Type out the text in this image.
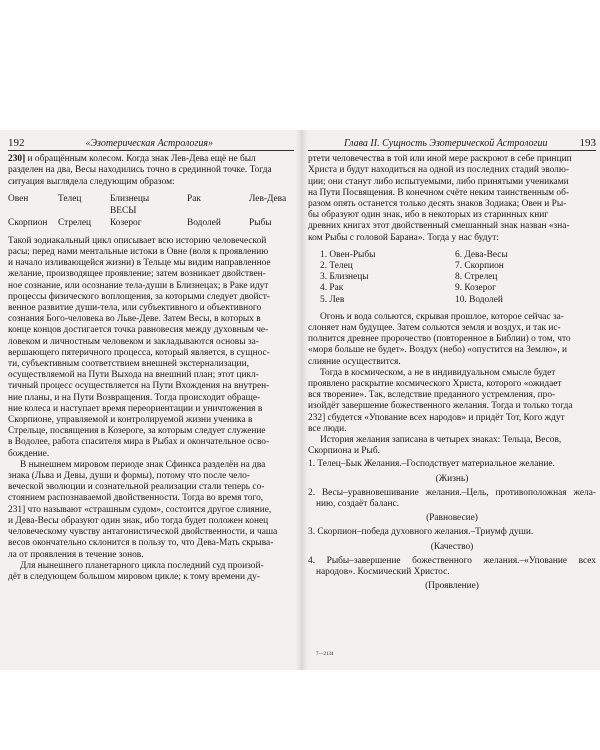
192	«Эзотерическая Астрология»

230] и обращённым колесом. Когда знак Лев-Дева ещё не был

разделен на два, Весы находились точно в срединной точке. Тогда

ситуация выглядела следующим образом:

Овен	Телец	Близнецы	Рак	Лев-Дева
ВЕСЫ
Скорпион	Стрелец	Козерог	Водолей	Рыбы

Такой зодиакальный цикл описывает всю историю человеческой

расы; перед нами ментальные истоки в Овне (воля к проявлению

и начало изливающейся жизни) в Тельце мы видим направленное

желание, производящее проявление; затем возникает двойствен-

ное сознание, или осознание тела-души в Близнецах; в Раке идут

процессы физического воплощения, за которыми следует двойст-

венное развитие души-тела, или субъективного и объективного

сознания Бого-человека во Льве-Деве. Затем Весы, в которых в

конце концов достигается точка равновесия между духовным че-

ловеком и личностным человеком и закладываются основы за-

вершающего пятеричного процесса, который является, в сущнос-

ти, субъективным соответствием внешней экстернализации,

осуществляемой на Пути Выхода на внешний план; этот цикл-

тичный процесс осуществляется на Пути Вхождения на внутрен-

ние планы, и на Пути Возвращения. Тогда происходит обраще-

ние колеса и наступает время переориентации и уничтожения в

Скорпионе, управляемой и контролируемой жизни ученика в

Стрельце, посвящения в Козероге, за которым следует служение

в Водолее, работа спасителя мира в Рыбах и окончательное осво-

бождение.

В нынешнем мировом периоде знак Сфинкса разделён на два

знака (Льва и Девы, души и формы), потому что после чело-

веческой эволюции и сознательной реализации стали теперь со-

стоянием распознаваемой двойственности. Тогда во время того,

231] что называют «страшным судом», состоится другое слияние,

и Дева-Весы образуют один знак, ибо тогда будет положен конец

человеческому чувству антагонистической двойственности, и чаша

весов окончательно склонится в пользу то, что Дева-Мать скрыва-

ла от проявления в течение зонов.

Для нынешнего планетарного цикла последний суд произой-

дёт в следующем большом мировом цикле; к тому времени ду-

Глава II. Сущность Эзотерической Астрологии	193

ртети человечества в той или иной мере раскроют в себе принцип

Христа и будут находиться на одной из последних стадий эволю-

ции; они станут либо испытуемыми, либо принятыми учениками

на Пути Посвящения. В конечном счёте неким таинственным об-

разом опять останется только десять знаков Зодиака; Овен и Ры-

бы образуют один знак, ибо в некоторых из старинных книг

древних книгах этот двойственный смешанный знак назван «зна-

ком Рыбы с головой Барана». Тогда у нас будут:

1. Овен-Рыбы
2. Телец
3. Близнецы
4. Рак
5. Лев
6. Дева-Весы
7. Скорпион
8. Стрелец
9. Козерог
10. Водолей

Огонь и вода сольются, скрывая прошлое, которое сейчас за-

слоняет нам будущее. Затем сольются земля и воздух, и так ис-

полнится древнее пророчество (повторенное в Библии) о том, что

«моря больше не будет». Воздух (небо) «опустится на Землю», и

слияние осуществится.

Тогда в космическом, а не в индивидуальном смысле будет

проявлено раскрытие космического Христа, которого «ожидает

вся творение». Так, вследствие преданного устремления, про-

изойдёт завершение божественного желания. Тогда и только тогда

232] сбудется «Упование всех народов» и придёт Тот, Кого ждут

все люди.

История желания записана в четырех знаках: Тельца, Весов,

Скорпиона и Рыб.

1. Телец–Бык Желания.–Господствует материальное желание.

(Жизнь)

2. Весы–уравновешивание желания.–Цель, противоположная жела-нию, создаёт баланс.

(Равновесие)

3. Скорпион–победа духовного желания.–Триумф души.

(Качество)

4. Рыбы–завершение божественного желания.–«Упование всех народов». Космический Христос.

(Проявление)

7—2134
